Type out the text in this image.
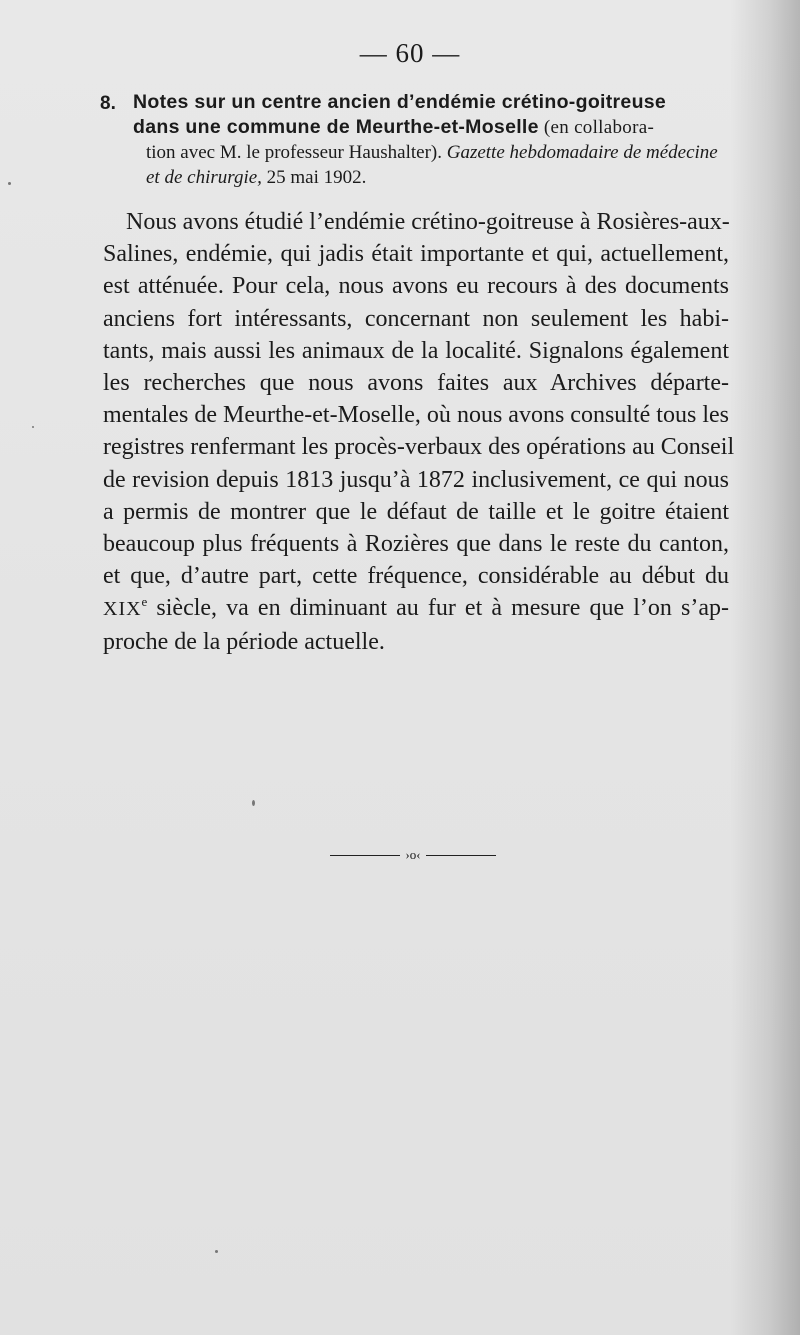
— 60 —
8. Notes sur un centre ancien d’endémie crétino-goitreuse
dans une commune de Meurthe-et-Moselle (en collabora-
tion avec M. le professeur Haushalter). Gazette hebdomadaire de médecine
et de chirurgie, 25 mai 1902.
Nous avons étudié l’endémie crétino-goitreuse à Rosières-aux-
Salines, endémie, qui jadis était importante et qui, actuellement,
est atténuée. Pour cela, nous avons eu recours à des documents
anciens fort intéressants, concernant non seulement les habi-
tants, mais aussi les animaux de la localité. Signalons également
les recherches que nous avons faites aux Archives départe-
mentales de Meurthe-et-Moselle, où nous avons consulté tous les
registres renfermant les procès-verbaux des opérations au Conseil
de revision depuis 1813 jusqu’à 1872 inclusivement, ce qui nous
a permis de montrer que le défaut de taille et le goitre étaient
beaucoup plus fréquents à Rozières que dans le reste du canton,
et que, d’autre part, cette fréquence, considérable au début du
XIXe siècle, va en diminuant au fur et à mesure que l’on s’ap-
proche de la période actuelle.
›o‹
